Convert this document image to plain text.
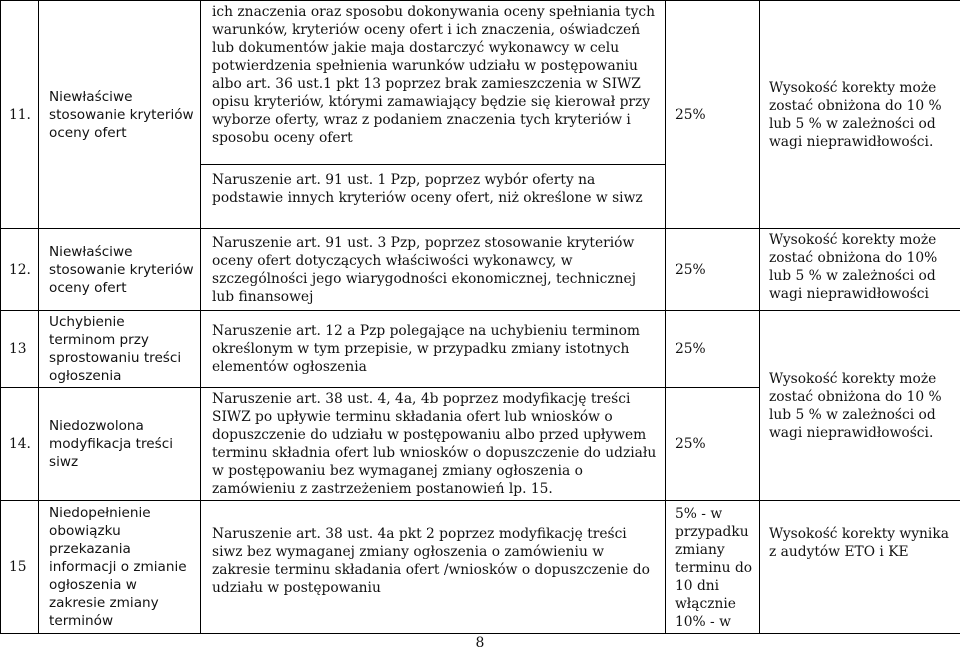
11.	Niewłaściwe stosowanie kryteriów oceny ofert	ich znaczenia oraz sposobu dokonywania oceny spełniania tych warunków, kryteriów oceny ofert i ich znaczenia, oświadczeń lub dokumentów jakie maja dostarczyć wykonawcy w celu potwierdzenia spełnienia warunków udziału w postępowaniu albo art. 36 ust.1 pkt 13 poprzez brak zamieszczenia w SIWZ opisu kryteriów, którymi zamawiający będzie się kierował przy wyborze oferty, wraz z podaniem znaczenia tych kryteriów i sposobu oceny ofert	25%	Wysokość korekty może zostać obniżona do 10 % lub 5 % w zależności od wagi nieprawidłowości.
		Naruszenie art. 91 ust. 1 Pzp, poprzez wybór oferty na podstawie innych kryteriów oceny ofert, niż określone w siwz		
12.	Niewłaściwe stosowanie kryteriów oceny ofert	Naruszenie art. 91 ust. 3 Pzp, poprzez stosowanie kryteriów oceny ofert dotyczących właściwości wykonawcy, w szczególności jego wiarygodności ekonomicznej, technicznej lub finansowej	25%	Wysokość korekty może zostać obniżona do 10% lub 5 % w zależności od wagi nieprawidłowości
13	Uchybienie terminom przy sprostowaniu treści ogłoszenia	Naruszenie art. 12 a Pzp polegające na uchybieniu terminom określonym w tym przepisie, w przypadku zmiany istotnych elementów ogłoszenia	25%	Wysokość korekty może zostać obniżona do 10 % lub 5 % w zależności od wagi nieprawidłowości.
14.	Niedozwolona modyfikacja treści siwz	Naruszenie art. 38 ust. 4, 4a, 4b poprzez modyfikację treści SIWZ po upływie terminu składania ofert lub wniosków o dopuszczenie do udziału w postępowaniu albo przed upływem terminu składnia ofert lub wniosków o dopuszczenie do udziału w postępowaniu bez wymaganej zmiany ogłoszenia o zamówieniu z zastrzeżeniem postanowień lp. 15.	25%	
15	Niedopełnienie obowiązku przekazania informacji o zmianie ogłoszenia w zakresie zmiany terminów	Naruszenie art. 38 ust. 4a pkt 2 poprzez modyfikację treści siwz bez wymaganej zmiany ogłoszenia o zamówieniu w zakresie terminu składania ofert /wniosków o dopuszczenie do udziału w postępowaniu	5% - w przypadku zmiany terminu do 10 dni włącznie 10% - w	Wysokość korekty wynika z audytów ETO i KE
8
